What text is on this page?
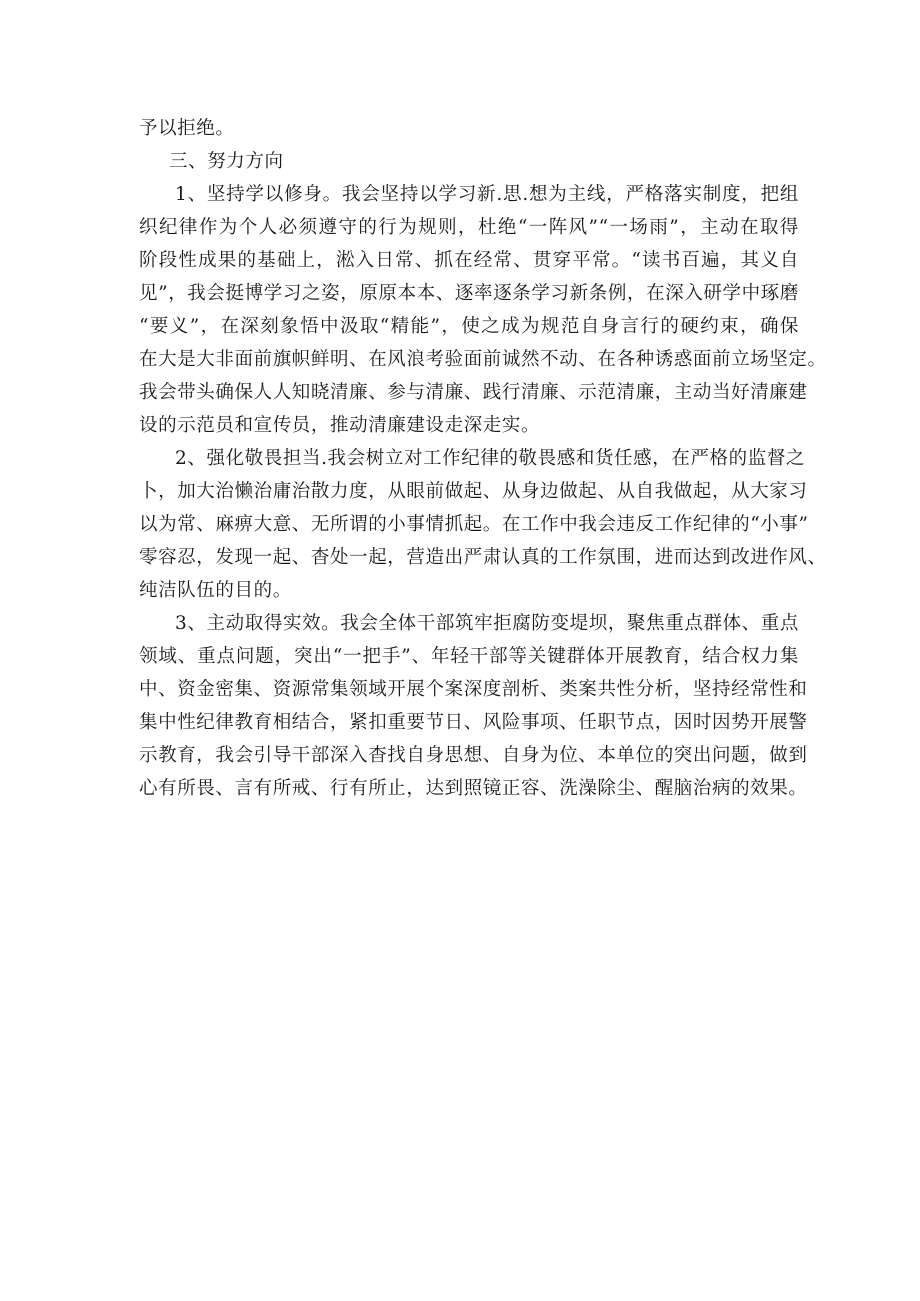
予以拒绝。
三、努力方向
1、坚持学以修身。我会坚持以学习新.思.想为主线，严格落实制度，把组
织纪律作为个人必须遵守的行为规则，杜绝“一阵风”“一场雨”，主动在取得
阶段性成果的基础上，淞入日常、抓在经常、贯穿平常。“读书百遍，其义自
见”，我会挺博学习之姿，原原本本、逐率逐条学习新条例，在深入研学中琢磨
“要义”，在深刻象悟中汲取“精能”，使之成为规范自身言行的硬约束，确保
在大是大非面前旗帜鲜明、在风浪考验面前诚然不动、在各种诱惑面前立场坚定。
我会带头确保人人知晓清廉、参与清廉、践行清廉、示范清廉，主动当好清廉建
设的示范员和宣传员，推动清廉建设走深走实。
2、强化敬畏担当.我会树立对工作纪律的敬畏感和货任感，在严格的监督之
卜，加大治懒治庸治散力度，从眼前做起、从身边做起、从自我做起，从大家习
以为常、麻痹大意、无所谓的小事情抓起。在工作中我会违反工作纪律的“小事”
零容忍，发现一起、杳处一起，营造出严肃认真的工作氛围，进而达到改进作风、
纯洁队伍的目的。
3、主动取得实效。我会全体干部筑牢拒腐防变堤坝，聚焦重点群体、重点
领域、重点问题，突出“一把手”、年轻干部等关键群体开展教育，结合权力集
中、资金密集、资源常集领域开展个案深度剖析、类案共性分析，坚持经常性和
集中性纪律教育相结合，紧扣重要节日、风险事项、任职节点，因时因势开展警
示教育，我会引导干部深入杳找自身思想、自身为位、本单位的突出问题，做到
心有所畏、言有所戒、行有所止，达到照镜正容、洗澡除尘、醒脑治病的效果。
